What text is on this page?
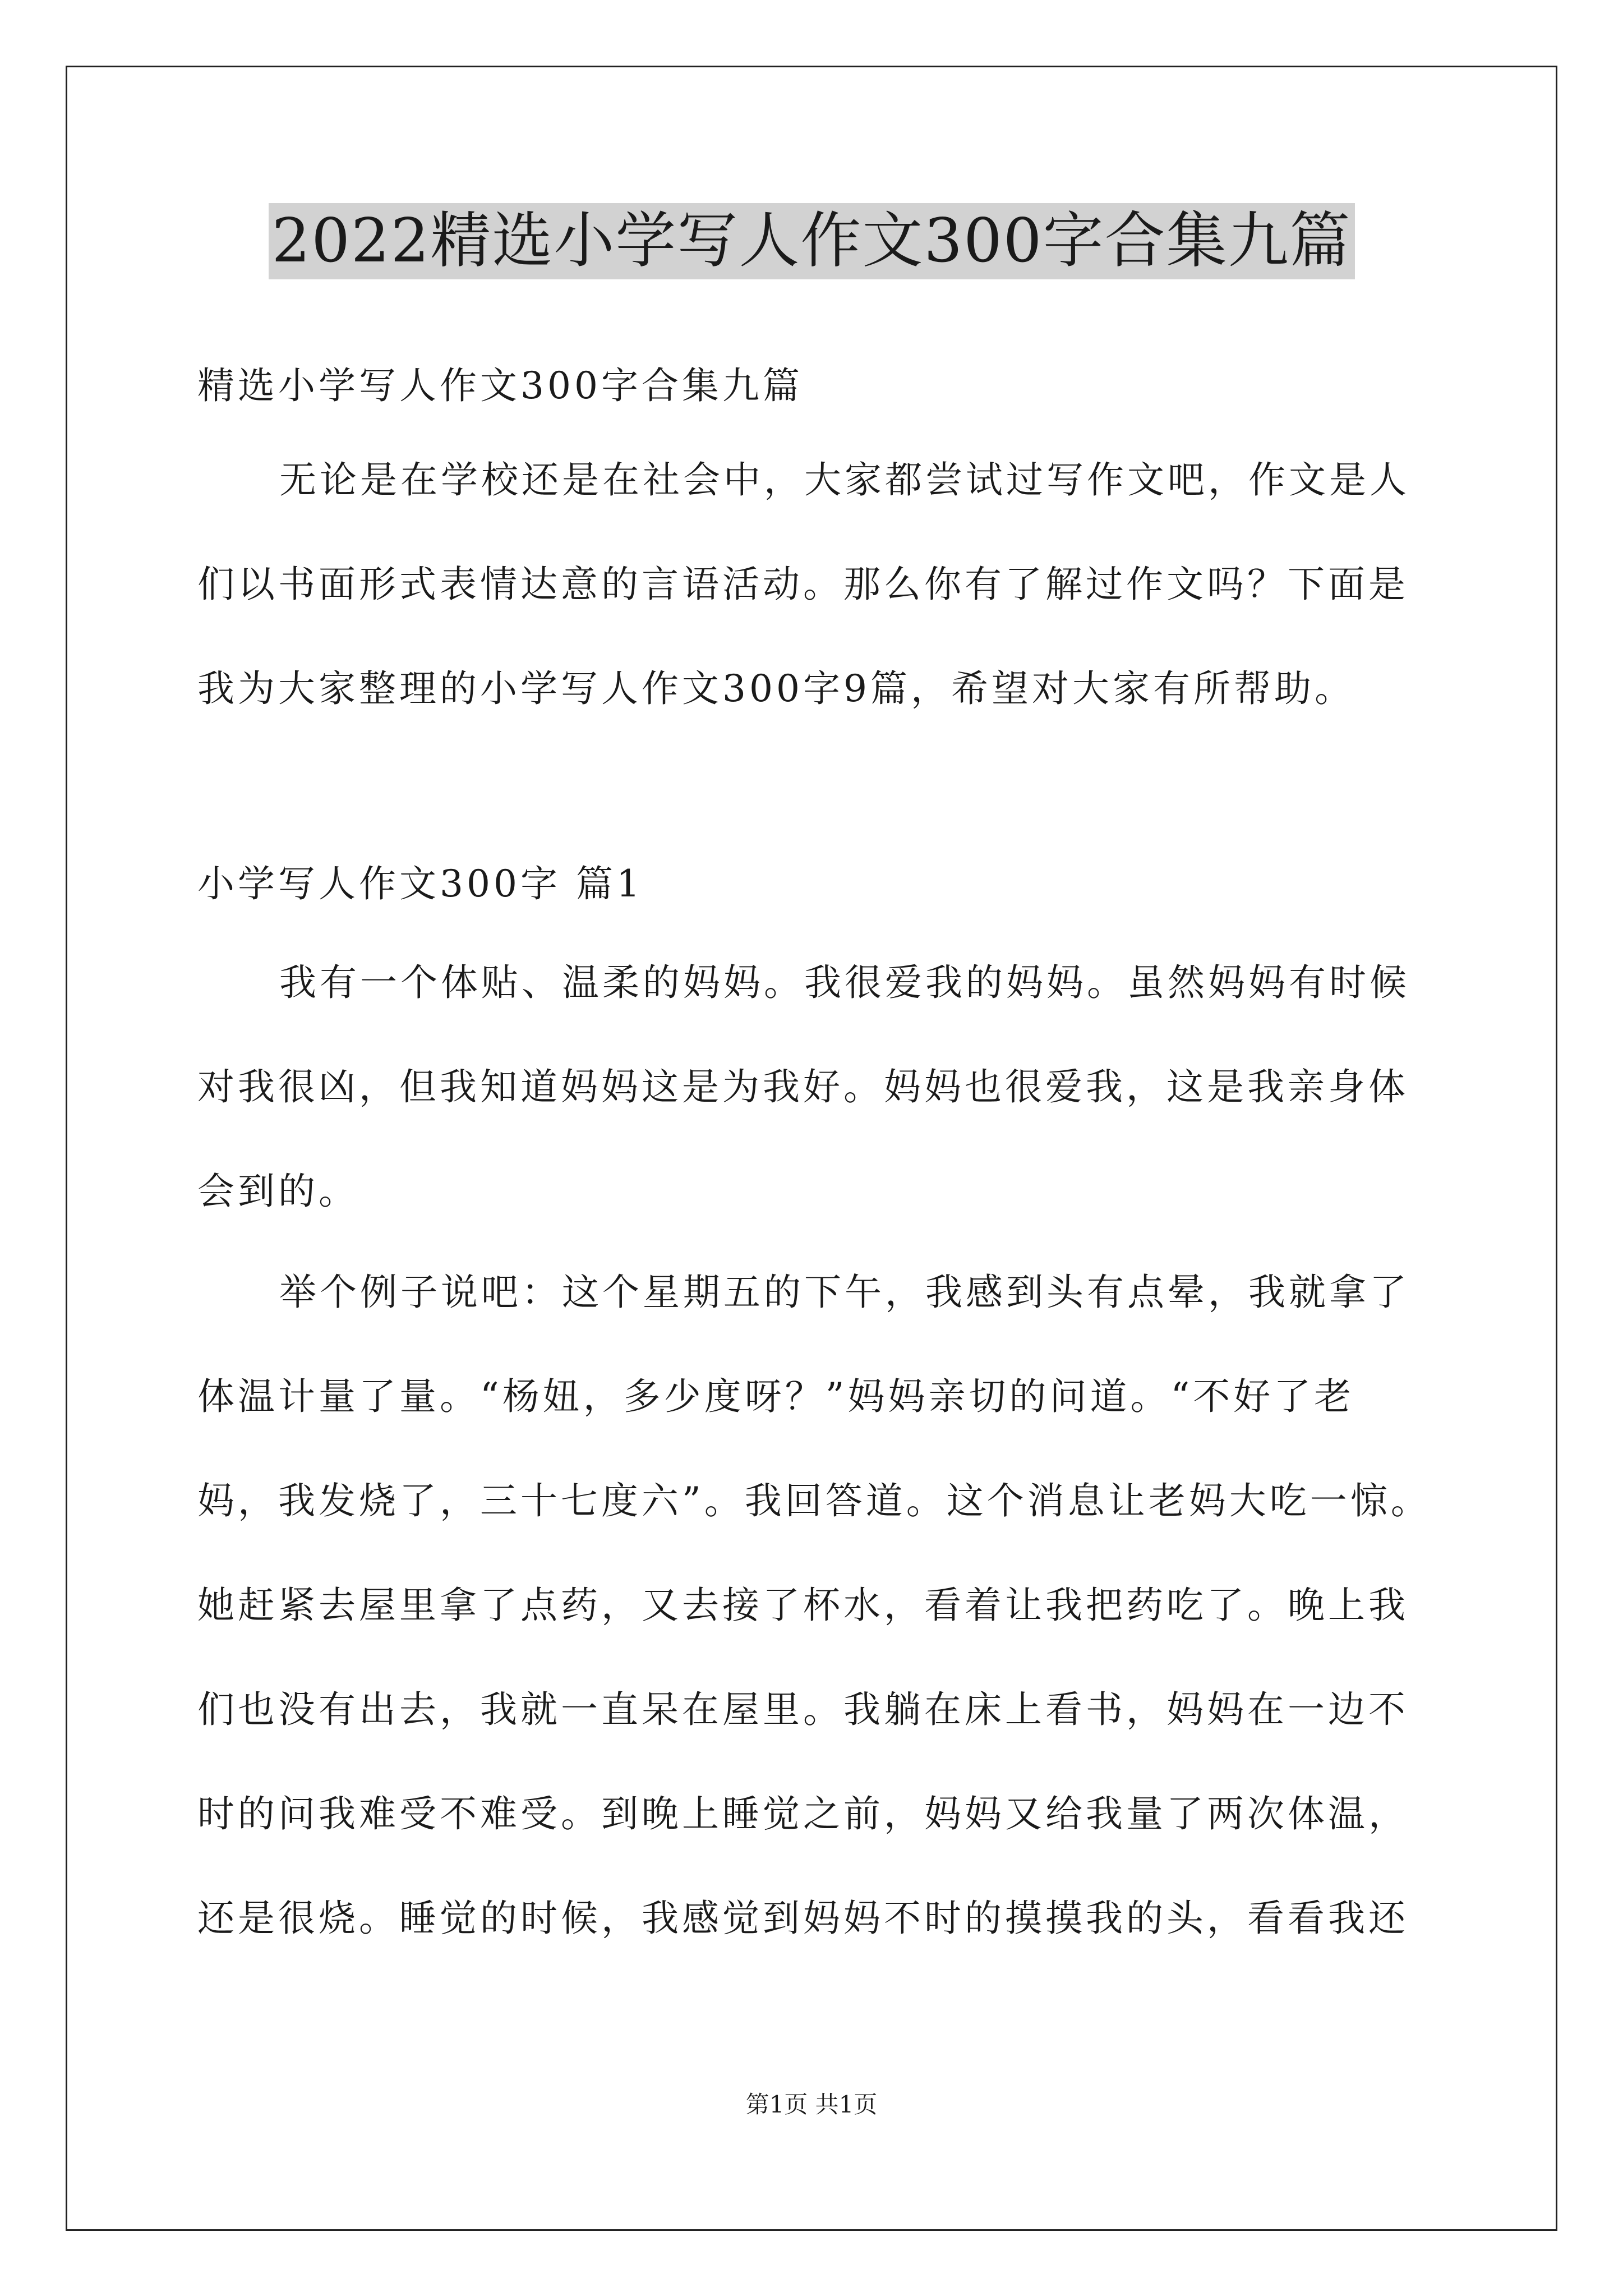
2022精选小学写人作文300字合集九篇
精选小学写人作文300字合集九篇
无论是在学校还是在社会中，大家都尝试过写作文吧，作文是人
们以书面形式表情达意的言语活动。那么你有了解过作文吗？下面是
我为大家整理的小学写人作文300字9篇，希望对大家有所帮助。
小学写人作文300字 篇1
我有一个体贴、温柔的妈妈。我很爱我的妈妈。虽然妈妈有时候
对我很凶，但我知道妈妈这是为我好。妈妈也很爱我，这是我亲身体
会到的。
举个例子说吧：这个星期五的下午，我感到头有点晕，我就拿了
体温计量了量。“杨妞，多少度呀？”妈妈亲切的问道。“不好了老
妈，我发烧了，三十七度六”。我回答道。这个消息让老妈大吃一惊。
她赶紧去屋里拿了点药，又去接了杯水，看着让我把药吃了。晚上我
们也没有出去，我就一直呆在屋里。我躺在床上看书，妈妈在一边不
时的问我难受不难受。到晚上睡觉之前，妈妈又给我量了两次体温，
还是很烧。睡觉的时候，我感觉到妈妈不时的摸摸我的头，看看我还
第1页 共1页
